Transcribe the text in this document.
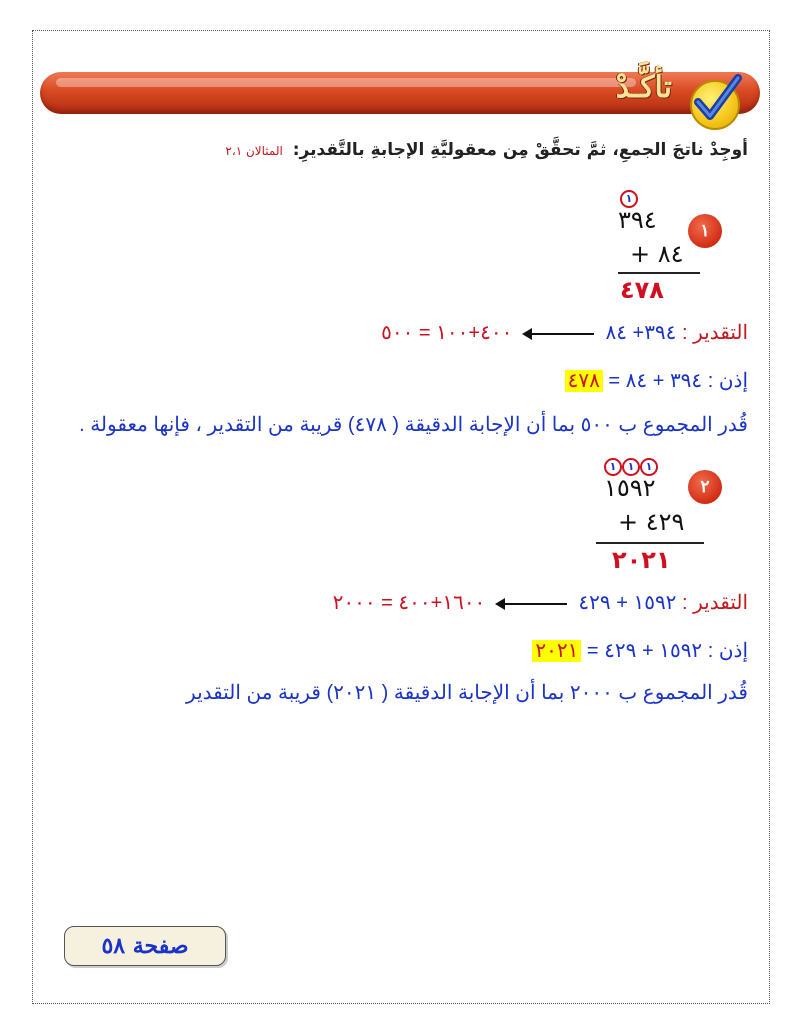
تأكَّـدْ
أوجِدْ ناتجَ الجمعِ، ثمَّ تحقَّقْ مِن معقوليَّةِ الإجابةِ بالتَّقديرِ: المثالان ٢،١
١
١
٣٩٤
٨٤ +
٤٧٨
التقدير : ٣٩٤+ ٨٤  ٤٠٠+١٠٠ = ٥٠٠
إذن : ٣٩٤ + ٨٤ = ٤٧٨
قُدر المجموع ب ٥٠٠ بما أن الإجابة الدقيقة ( ٤٧٨) قريبة من التقدير ، فإنها معقولة .
٢
١	١	١
١٥٩٢
٤٢٩ +
٢٠٢١
التقدير : ١٥٩٢ + ٤٢٩  ١٦٠٠+٤٠٠ = ٢٠٠٠
إذن : ١٥٩٢ + ٤٢٩ = ٢٠٢١
قُدر المجموع ب ٢٠٠٠ بما أن الإجابة الدقيقة ( ٢٠٢١) قريبة من التقدير
صفحة ٥٨
